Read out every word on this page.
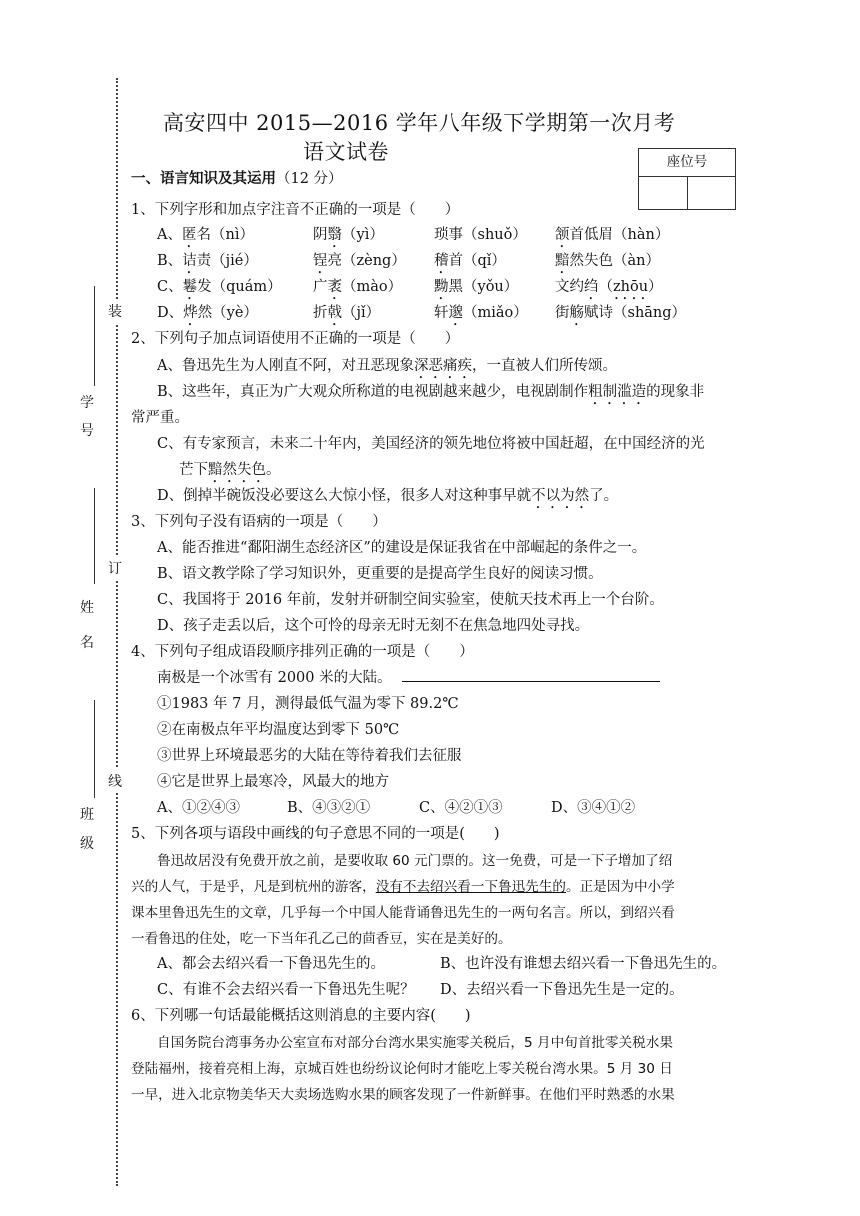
高安四中 2015—2016 学年八年级下学期第一次月考
语文试卷	座位号
装
订
线
学
号
姓
名
班
级
一、语言知识及其运用（12 分）
1、下列字形和加点字注音不正确的一项是（　　）
A、匿名（nì）	阴翳（yì）	琐事（shuǒ） 颔首低眉（hàn）
B、诘责（jié）	锃亮（zèng） 稽首（qǐ）	黯然失色（àn）
C、鬈发（quám） 广袤（mào） 黝黑（yǒu）	文约绉（zhōu）
D、烨然（yè）	折戟（jǐ）	轩邈（miǎo） 街觞赋诗（shāng）
2、下列句子加点词语使用不正确的一项是（　　）
A、鲁迅先生为人刚直不阿，对丑恶现象深恶痛疾，一直被人们所传颂。
B、这些年，真正为广大观众所称道的电视剧越来越少，电视剧制作粗制滥造的现象非
常严重。
C、有专家预言，未来二十年内，美国经济的领先地位将被中国赶超，在中国经济的光
芒下黯然失色。
D、倒掉半碗饭没必要这么大惊小怪，很多人对这种事早就不以为然了。
3、下列句子没有语病的一项是（　　）
A、能否推进“鄱阳湖生态经济区”的建设是保证我省在中部崛起的条件之一。
B、语文教学除了学习知识外，更重要的是提高学生良好的阅读习惯。
C、我国将于 2016 年前，发射并研制空间实验室，使航天技术再上一个台阶。
D、孩子走丢以后，这个可怜的母亲无时无刻不在焦急地四处寻找。
4、下列句子组成语段顺序排列正确的一项是（　　）
南极是一个冰雪有 2000 米的大陆。
①1983 年 7 月，测得最低气温为零下 89.2℃
②在南极点年平均温度达到零下 50℃
③世界上环境最恶劣的大陆在等待着我们去征服
④它是世界上最寒冷，风最大的地方
A、①②④③	B、④③②①	C、④②①③	D、③④①②
5、下列各项与语段中画线的句子意思不同的一项是(　　)
鲁迅故居没有免费开放之前，是要收取 60 元门票的。这一免费，可是一下子增加了绍
兴的人气，于是乎，凡是到杭州的游客，没有不去绍兴看一下鲁迅先生的。正是因为中小学
课本里鲁迅先生的文章，几乎每一个中国人能背诵鲁迅先生的一两句名言。所以，到绍兴看
一看鲁迅的住处，吃一下当年孔乙己的茴香豆，实在是美好的。
A、都会去绍兴看一下鲁迅先生的。	B、也许没有谁想去绍兴看一下鲁迅先生的。
C、有谁不会去绍兴看一下鲁迅先生呢？ D、去绍兴看一下鲁迅先生是一定的。
6、下列哪一句话最能概括这则消息的主要内容(　　)
自国务院台湾事务办公室宣布对部分台湾水果实施零关税后，5 月中旬首批零关税水果
登陆福州，接着亮相上海，京城百姓也纷纷议论何时才能吃上零关税台湾水果。5 月 30 日
一早，进入北京物美华天大卖场选购水果的顾客发现了一件新鲜事。在他们平时熟悉的水果
